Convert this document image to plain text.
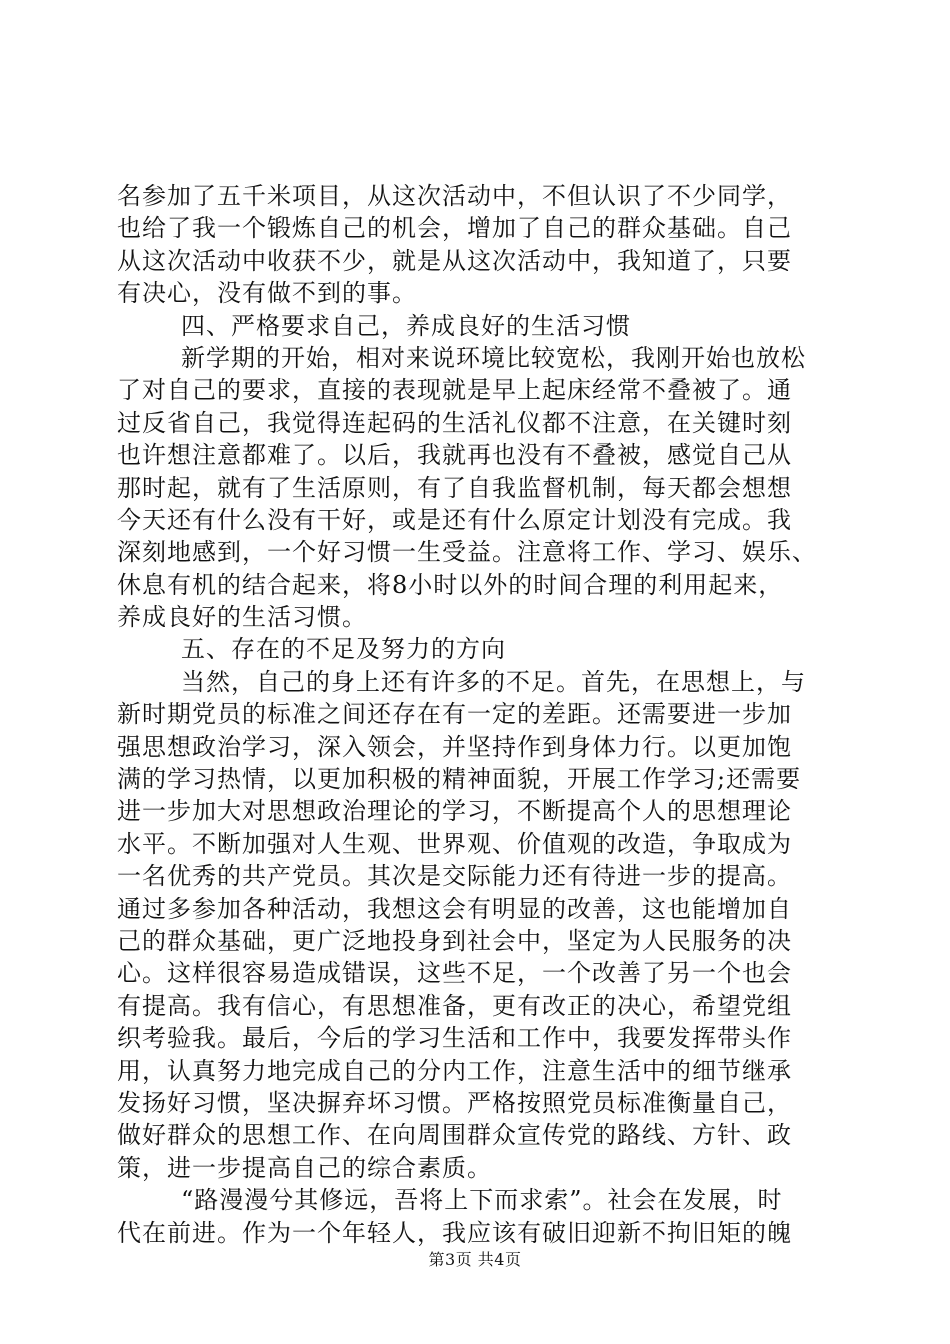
名参加了五千米项目，从这次活动中，不但认识了不少同学，
也给了我一个锻炼自己的机会，增加了自己的群众基础。自己
从这次活动中收获不少，就是从这次活动中，我知道了，只要
有决心，没有做不到的事。
四、严格要求自己，养成良好的生活习惯
新学期的开始，相对来说环境比较宽松，我刚开始也放松
了对自己的要求，直接的表现就是早上起床经常不叠被了。通
过反省自己，我觉得连起码的生活礼仪都不注意，在关键时刻
也许想注意都难了。以后，我就再也没有不叠被，感觉自己从
那时起，就有了生活原则，有了自我监督机制，每天都会想想
今天还有什么没有干好，或是还有什么原定计划没有完成。我
深刻地感到，一个好习惯一生受益。注意将工作、学习、娱乐、
休息有机的结合起来，将8小时以外的时间合理的利用起来，
养成良好的生活习惯。
五、存在的不足及努力的方向
当然，自己的身上还有许多的不足。首先，在思想上，与
新时期党员的标准之间还存在有一定的差距。还需要进一步加
强思想政治学习，深入领会，并坚持作到身体力行。以更加饱
满的学习热情，以更加积极的精神面貌，开展工作学习;还需要
进一步加大对思想政治理论的学习，不断提高个人的思想理论
水平。不断加强对人生观、世界观、价值观的改造，争取成为
一名优秀的共产党员。其次是交际能力还有待进一步的提高。
通过多参加各种活动，我想这会有明显的改善，这也能增加自
己的群众基础，更广泛地投身到社会中，坚定为人民服务的决
心。这样很容易造成错误，这些不足，一个改善了另一个也会
有提高。我有信心，有思想准备，更有改正的决心，希望党组
织考验我。最后，今后的学习生活和工作中，我要发挥带头作
用，认真努力地完成自己的分内工作，注意生活中的细节继承
发扬好习惯，坚决摒弃坏习惯。严格按照党员标准衡量自己，
做好群众的思想工作、在向周围群众宣传党的路线、方针、政
策，进一步提高自己的综合素质。
“路漫漫兮其修远，吾将上下而求索”。社会在发展，时
代在前进。作为一个年轻人，我应该有破旧迎新不拘旧矩的魄
第3页 共4页
